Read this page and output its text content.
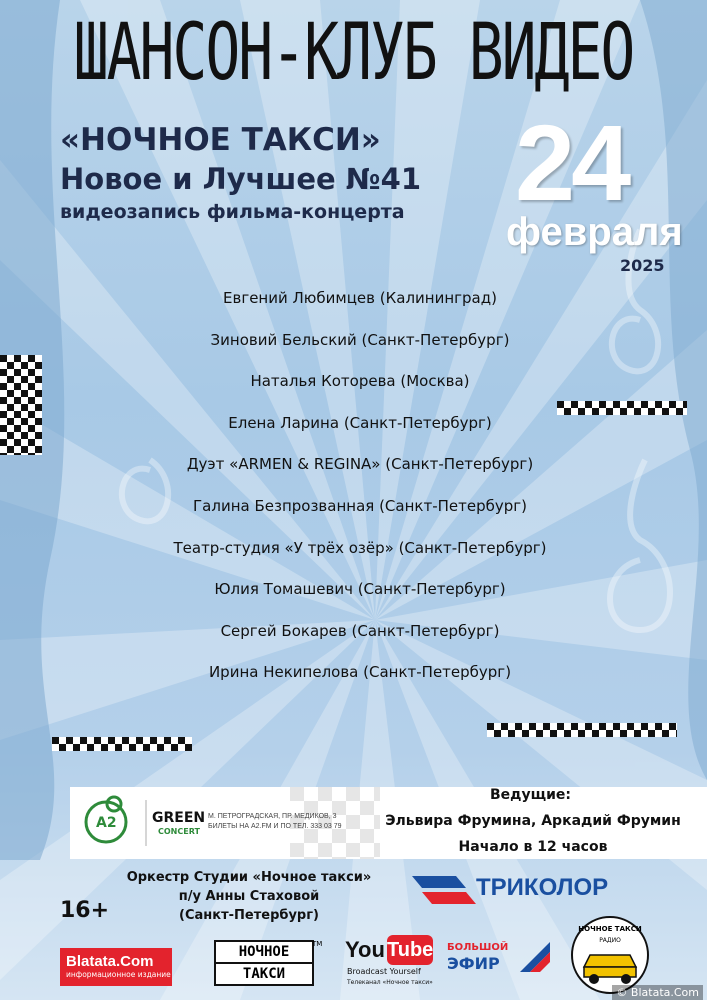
ШАНСОН-КЛУБ ВИДЕО
«НОЧНОЕ ТАКСИ»
Новое и Лучшее №41
видеозапись фильма-концерта 24
февраля
2025
Евгений Любимцев (Калининград)
Зиновий Бельский (Санкт-Петербург)
Наталья Которева (Москва)
Елена Ларина (Санкт-Петербург)
Дуэт «ARMEN & REGINA» (Санкт-Петербург)
Галина Безпрозванная (Санкт-Петербург)
Театр-студия «У трёх озёр» (Санкт-Петербург)
Юлия Томашевич (Санкт-Петербург)
Сергей Бокарев (Санкт-Петербург)
Ирина Некипелова (Санкт-Петербург)
A2	GREEN
CONCERT
М. ПЕТРОГРАДСКАЯ, ПР. МЕДИКОВ, 3
БИЛЕТЫ НА A2.FM И ПО ТЕЛ. 333 03 79
Ведущие:
Эльвира Фрумина, Аркадий Фрумин
Начало в 12 часов
Оркестр Студии «Ночное такси»
п/у Анны Стаховой
(Санкт-Петербург)
16+
ТРИКОЛОР
Blatata.Com
информационное издание
НОЧНОЕ
ТАКСИ
TM You Tube
Broadcast Yourself
Телеканал «Ночное такси»
БОЛЬШОЙ
ЭФИР
НОЧНОЕ ТАКСИ
РАДИО
© Blatata.Com
